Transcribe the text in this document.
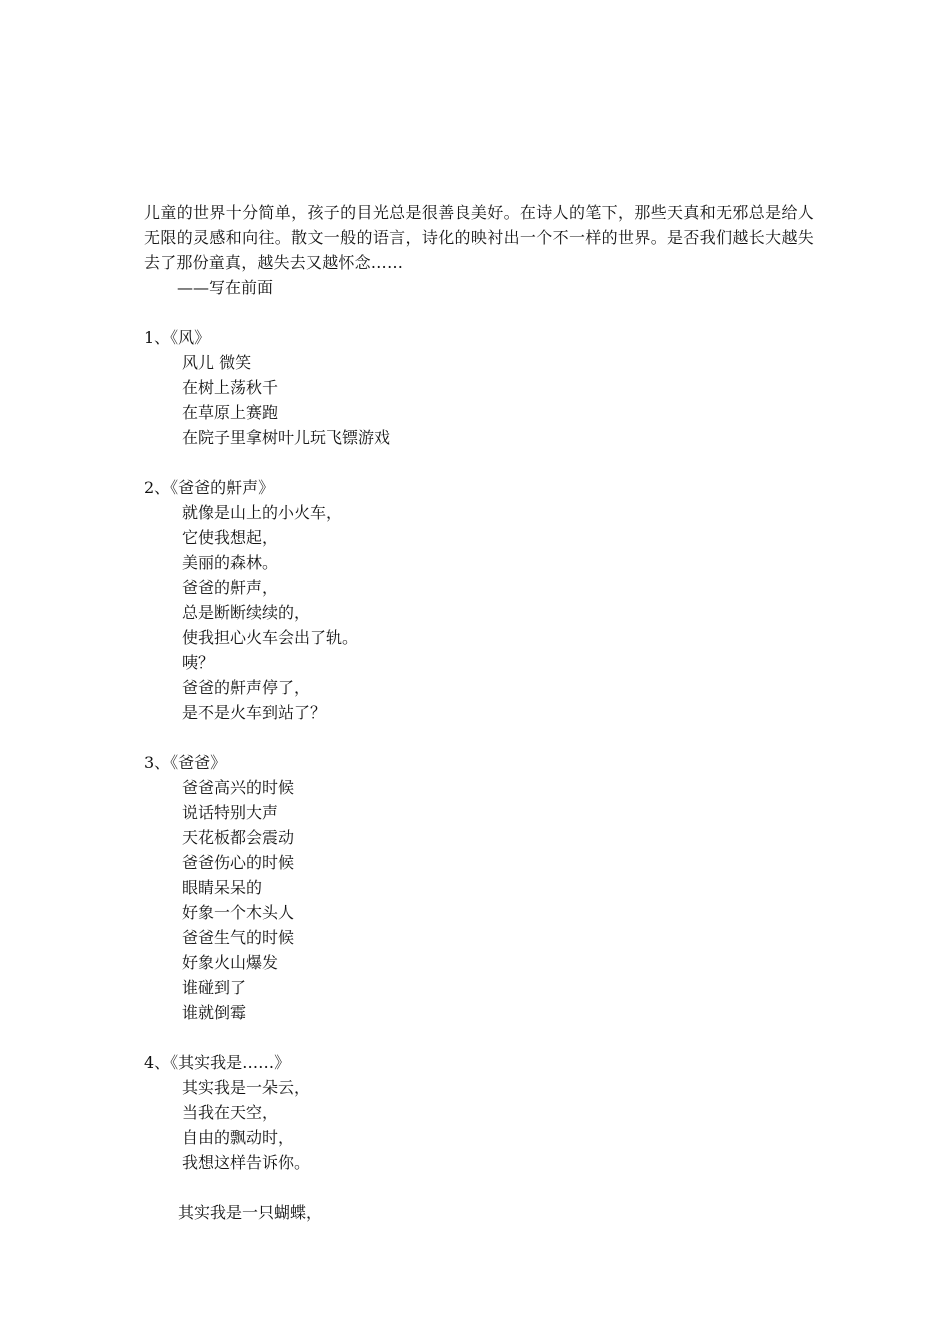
儿童的世界十分简单，孩子的目光总是很善良美好。在诗人的笔下，那些天真和无邪总是给人无限的灵感和向往。散文一般的语言，诗化的映衬出一个不一样的世界。是否我们越长大越失去了那份童真，越失去又越怀念……

——写在前面

1、《风》

风儿 微笑

在树上荡秋千

在草原上赛跑

在院子里拿树叶儿玩飞镖游戏

2、《爸爸的鼾声》

就像是山上的小火车，

它使我想起，

美丽的森林。

爸爸的鼾声，

总是断断续续的，

使我担心火车会出了轨。

咦？

爸爸的鼾声停了，

是不是火车到站了？

3、《爸爸》

爸爸高兴的时候

说话特别大声

天花板都会震动

爸爸伤心的时候

眼睛呆呆的

好象一个木头人

爸爸生气的时候

好象火山爆发

谁碰到了

谁就倒霉

4、《其实我是……》

其实我是一朵云，

当我在天空，

自由的飘动时，

我想这样告诉你。

其实我是一只蝴蝶，
